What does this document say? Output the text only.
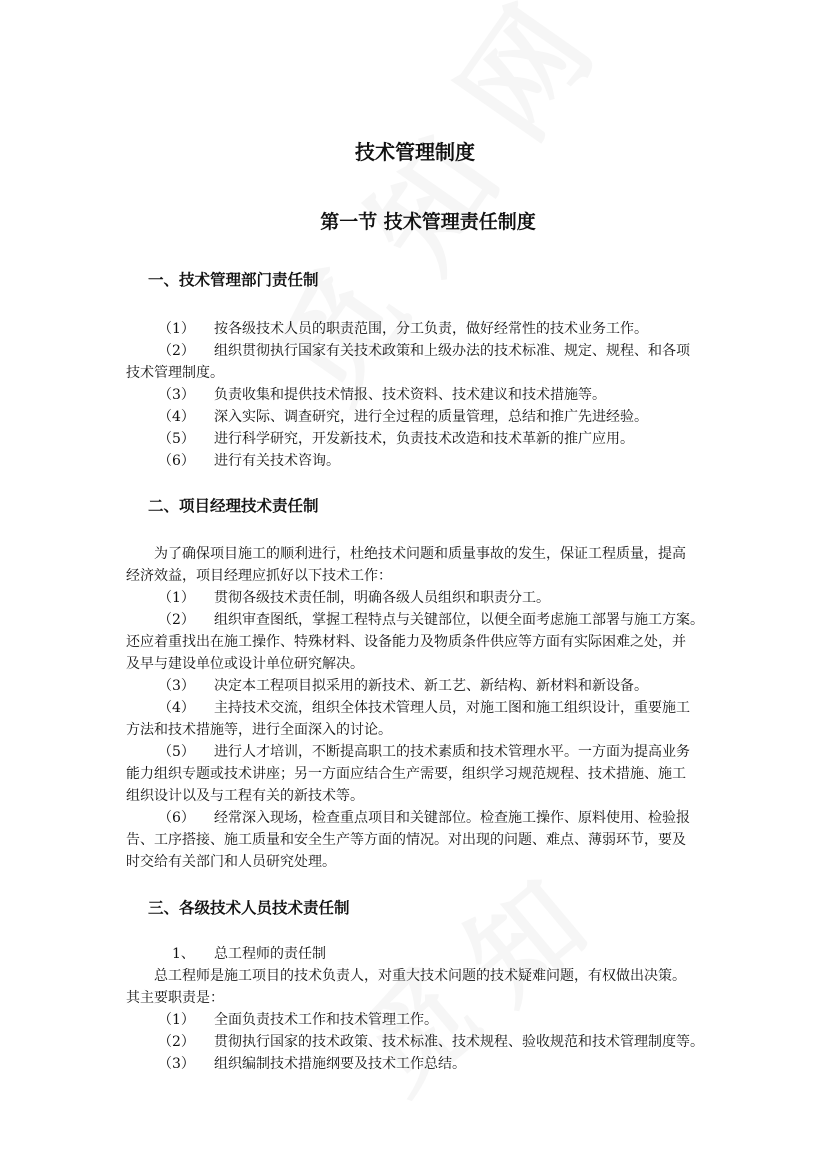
技术管理制度
第一节 技术管理责任制度
一、技术管理部门责任制
（1） 按各级技术人员的职责范围，分工负责，做好经常性的技术业务工作。
（2） 组织贯彻执行国家有关技术政策和上级办法的技术标准、规定、规程、和各项
技术管理制度。
（3） 负责收集和提供技术情报、技术资料、技术建议和技术措施等。
（4） 深入实际、调查研究，进行全过程的质量管理，总结和推广先进经验。
（5） 进行科学研究，开发新技术，负责技术改造和技术革新的推广应用。
（6） 进行有关技术咨询。
二、项目经理技术责任制
为了确保项目施工的顺利进行，杜绝技术问题和质量事故的发生，保证工程质量，提高
经济效益，项目经理应抓好以下技术工作：
（1） 贯彻各级技术责任制，明确各级人员组织和职责分工。
（2） 组织审查图纸，掌握工程特点与关键部位，以便全面考虑施工部署与施工方案。
还应着重找出在施工操作、特殊材料、设备能力及物质条件供应等方面有实际困难之处，并
及早与建设单位或设计单位研究解决。
（3） 决定本工程项目拟采用的新技术、新工艺、新结构、新材料和新设备。
（4） 主持技术交流，组织全体技术管理人员，对施工图和施工组织设计，重要施工
方法和技术措施等，进行全面深入的讨论。
（5） 进行人才培训，不断提高职工的技术素质和技术管理水平。一方面为提高业务
能力组织专题或技术讲座；另一方面应结合生产需要，组织学习规范规程、技术措施、施工
组织设计以及与工程有关的新技术等。
（6） 经常深入现场，检查重点项目和关键部位。检查施工操作、原料使用、检验报
告、工序搭接、施工质量和安全生产等方面的情况。对出现的问题、难点、薄弱环节，要及
时交给有关部门和人员研究处理。
三、各级技术人员技术责任制
1、 总工程师的责任制
总工程师是施工项目的技术负责人，对重大技术问题的技术疑难问题，有权做出决策。
其主要职责是：
（1） 全面负责技术工作和技术管理工作。
（2） 贯彻执行国家的技术政策、技术标准、技术规程、验收规范和技术管理制度等。
（3） 组织编制技术措施纲要及技术工作总结。
